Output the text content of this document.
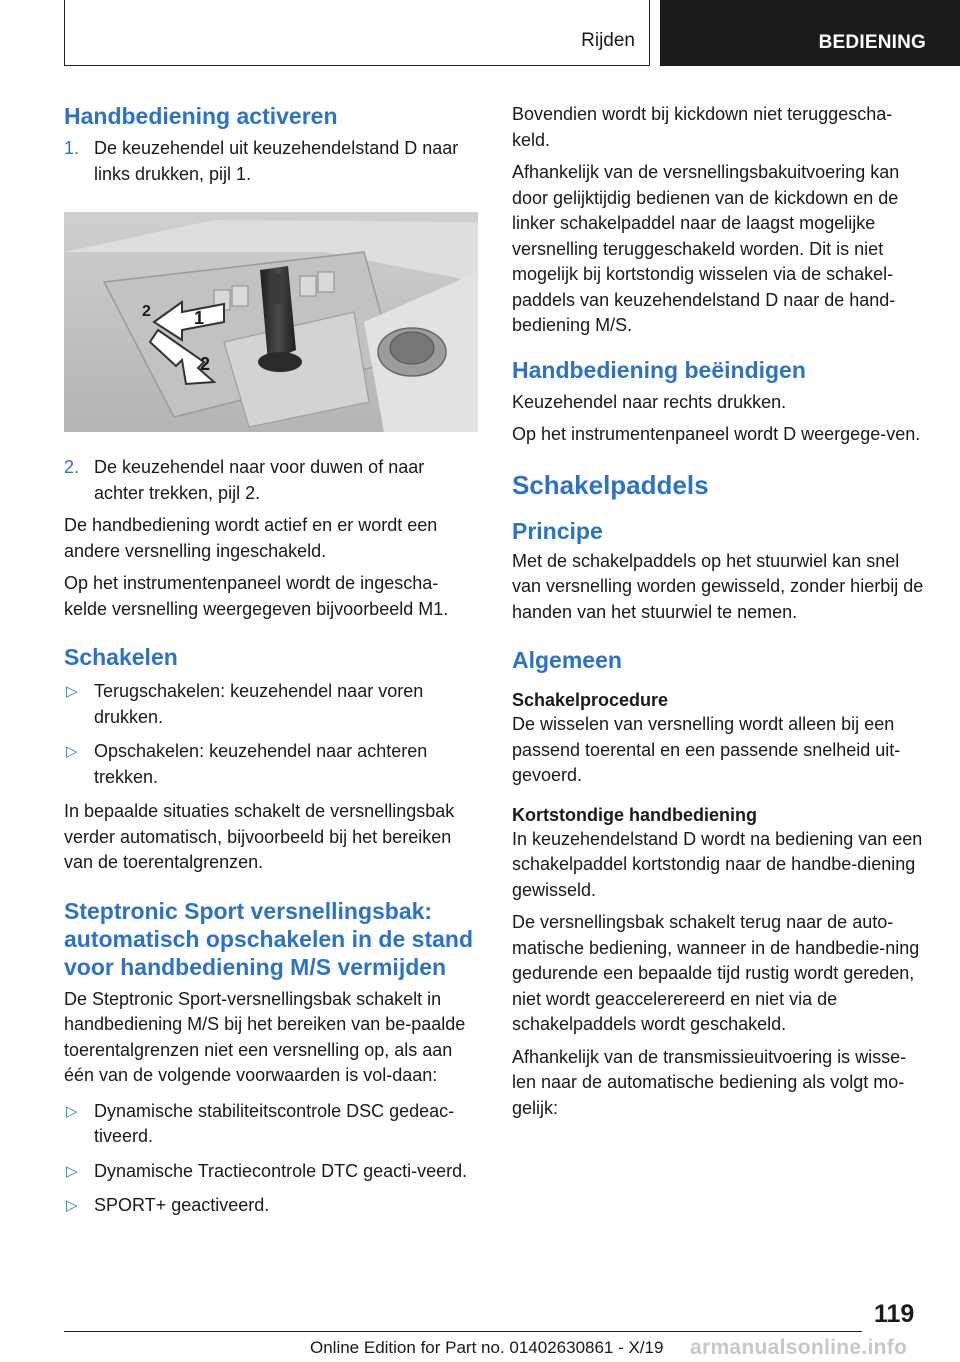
Rijden	BEDIENING
Handbediening activeren
1. De keuzehendel uit keuzehendelstand D naar links drukken, pijl 1.
1
2
2
2. De keuzehendel naar voor duwen of naar achter trekken, pijl 2.

De handbediening wordt actief en er wordt een andere versnelling ingeschakeld.

Op het instrumentenpaneel wordt de ingescha‐kelde versnelling weergegeven bijvoorbeeld M1.

Schakelen
▷ Terugschakelen: keuzehendel naar voren drukken.
▷ Opschakelen: keuzehendel naar achteren trekken.

In bepaalde situaties schakelt de versnellingsbak verder automatisch, bijvoorbeeld bij het bereiken van de toerentalgrenzen.

Steptronic Sport versnellingsbak: automatisch opschakelen in de stand voor handbediening M/S vermijden

De Steptronic Sport-versnellingsbak schakelt in handbediening M/S bij het bereiken van be‐paalde toerentalgrenzen niet een versnelling op, als aan één van de volgende voorwaarden is vol‐daan:

▷ Dynamische stabiliteitscontrole DSC gedeac‐tiveerd.
▷ Dynamische Tractiecontrole DTC geacti‐veerd.
▷ SPORT+ geactiveerd.

Bovendien wordt bij kickdown niet teruggescha‐keld.

Afhankelijk van de versnellingsbakuitvoering kan door gelijktijdig bedienen van de kickdown en de linker schakelpaddel naar de laagst mogelijke versnelling teruggeschakeld worden. Dit is niet mogelijk bij kortstondig wisselen via de schakel‐paddels van keuzehendelstand D naar de hand‐bediening M/S.

Handbediening beëindigen

Keuzehendel naar rechts drukken.

Op het instrumentenpaneel wordt D weergege‐ven.

Schakelpaddels
Principe

Met de schakelpaddels op het stuurwiel kan snel van versnelling worden gewisseld, zonder hierbij de handen van het stuurwiel te nemen.

Algemeen
Schakelprocedure

De wisselen van versnelling wordt alleen bij een passend toerental en een passende snelheid uit‐gevoerd.

Kortstondige handbediening

In keuzehendelstand D wordt na bediening van een schakelpaddel kortstondig naar de handbe‐diening gewisseld.

De versnellingsbak schakelt terug naar de auto‐matische bediening, wanneer in de handbedie‐ning gedurende een bepaalde tijd rustig wordt gereden, niet wordt geaccelerereerd en niet via de schakelpaddels wordt geschakeld.

Afhankelijk van de transmissieuitvoering is wisse‐len naar de automatische bediening als volgt mo‐gelijk:

119
Online Edition for Part no. 01402630861 - X/19 armanualsonline.info
